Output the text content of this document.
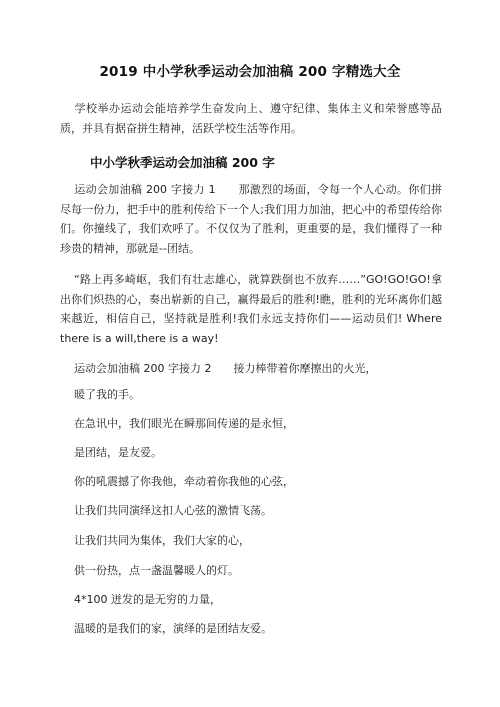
2019 中小学秋季运动会加油稿 200 字精选大全
学校举办运动会能培养学生奋发向上、遵守纪律、集体主义和荣誉感等品质，并具有据奋拼生精神，活跃学校生活等作用。
中小学秋季运动会加油稿 200 字
运动会加油稿 200 字接力 1　　那激烈的场面，令每一个人心动。你们拼尽每一份力，把手中的胜利传给下一个人;我们用力加油，把心中的希望传给你们。你撞线了，我们欢呼了。不仅仅为了胜利，更重要的是，我们懂得了一种珍贵的精神，那就是--团结。
“路上再多崎岖，我们有壮志雄心，就算跌倒也不放弃……”GO!GO!GO!拿出你们炽热的心，奏出崭新的自己，赢得最后的胜利!瞧，胜利的光环离你们越来越近，相信自己，坚持就是胜利!我们永远支持你们——运动员们! Where there is a will,there is a way!
运动会加油稿 200 字接力 2　　接力棒带着你摩擦出的火光，
暖了我的手。
在急讯中，我们眼光在瞬那间传递的是永恒，
是团结，是友爱。
你的吼震撼了你我他，牵动着你我他的心弦，
让我们共同演绎这扣人心弦的激情飞荡。
让我们共同为集体，我们大家的心，
供一份热，点一盏温馨暖人的灯。
4*100 迸发的是无穷的力量，
温暖的是我们的家，演绎的是团结友爱。
